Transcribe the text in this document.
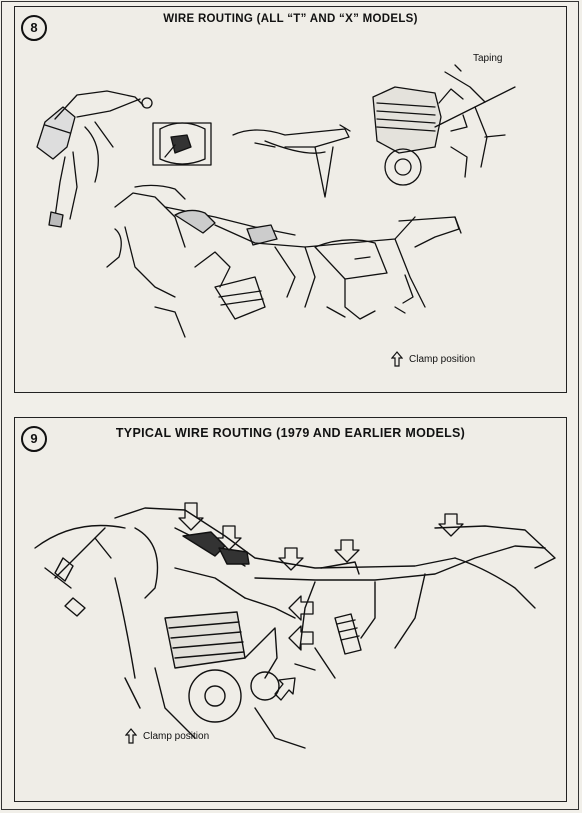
8
WIRE ROUTING (ALL “T” AND “X” MODELS)
Taping
Clamp position
9	TYPICAL WIRE ROUTING (1979 AND EARLIER MODELS)
Clamp position
